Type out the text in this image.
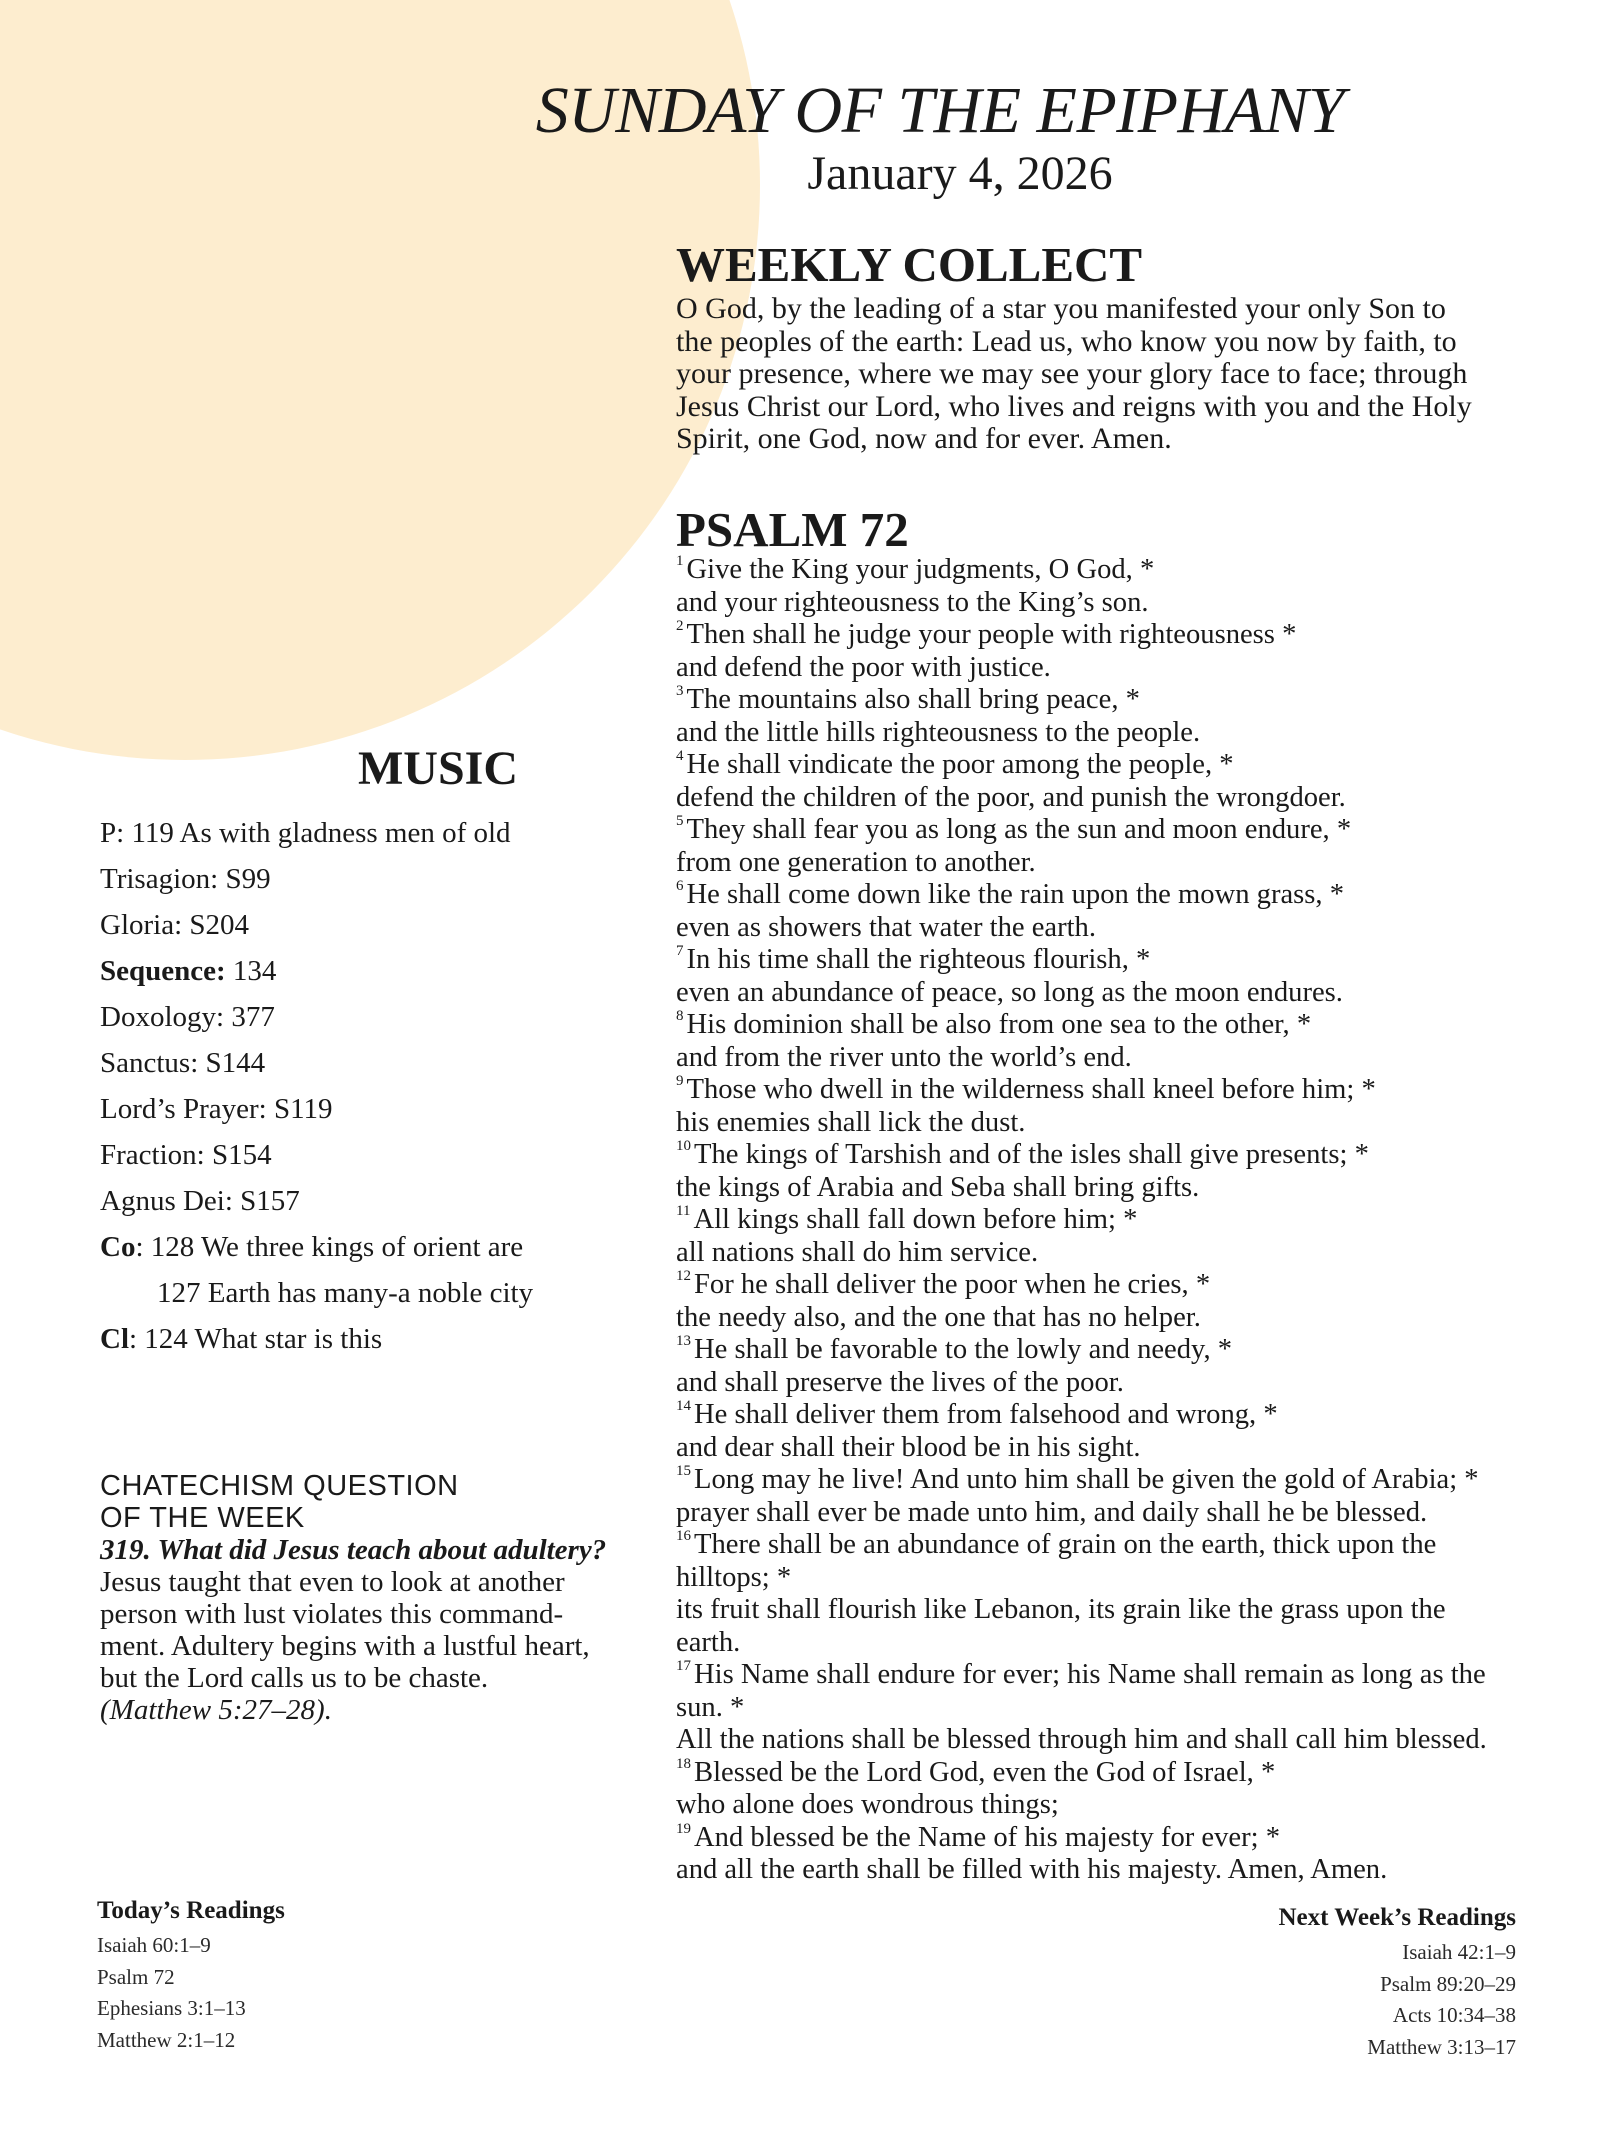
SUNDAY OF THE EPIPHANY
January 4, 2026
WEEKLY COLLECT
O God, by the leading of a star you manifested your only Son to
the peoples of the earth: Lead us, who know you now by faith, to
your presence, where we may see your glory face to face; through
Jesus Christ our Lord, who lives and reigns with you and the Holy
Spirit, one God, now and for ever. Amen.
PSALM 72
$^1$ Give the King your judgments, O God, *
and your righteousness to the King’s son.
$^2$ Then shall he judge your people with righteousness *
and defend the poor with justice.
$^3$ The mountains also shall bring peace, *
and the little hills righteousness to the people.
$^4$ He shall vindicate the poor among the people, *
defend the children of the poor, and punish the wrongdoer.
$^5$ They shall fear you as long as the sun and moon endure, *
from one generation to another.
$^6$ He shall come down like the rain upon the mown grass, *
even as showers that water the earth.
$^7$ In his time shall the righteous flourish, *
even an abundance of peace, so long as the moon endures.
$^8$ His dominion shall be also from one sea to the other, *
and from the river unto the world’s end.
$^9$ Those who dwell in the wilderness shall kneel before him; *
his enemies shall lick the dust.
$^{10}$ The kings of Tarshish and of the isles shall give presents; *
the kings of Arabia and Seba shall bring gifts.
$^{11}$ All kings shall fall down before him; *
all nations shall do him service.
$^{12}$ For he shall deliver the poor when he cries, *
the needy also, and the one that has no helper.
$^{13}$ He shall be favorable to the lowly and needy, *
and shall preserve the lives of the poor.
$^{14}$ He shall deliver them from falsehood and wrong, *
and dear shall their blood be in his sight.
$^{15}$ Long may he live! And unto him shall be given the gold of Arabia; *
prayer shall ever be made unto him, and daily shall he be blessed.
$^{16}$ There shall be an abundance of grain on the earth, thick upon the
hilltops; *
its fruit shall flourish like Lebanon, its grain like the grass upon the
earth.
$^{17}$ His Name shall endure for ever; his Name shall remain as long as the
sun. *
All the nations shall be blessed through him and shall call him blessed.
$^{18}$ Blessed be the Lord God, even the God of Israel, *
who alone does wondrous things;
$^{19}$ And blessed be the Name of his majesty for ever; *
and all the earth shall be filled with his majesty. Amen, Amen.
MUSIC
P: 119 As with gladness men of old
Trisagion: S99
Gloria: S204
Sequence: 134
Doxology: 377
Sanctus: S144
Lord’s Prayer: S119
Fraction: S154
Agnus Dei: S157
Co: 128 We three kings of orient are
127 Earth has many-a noble city
Cl: 124 What star is this
CHATECHISM QUESTION
OF THE WEEK
319. What did Jesus teach about adultery?
Jesus taught that even to look at another
person with lust violates this command-
ment. Adultery begins with a lustful heart,
but the Lord calls us to be chaste.
(Matthew 5:27–28).
Today’s Readings
Isaiah 60:1–9
Psalm 72
Ephesians 3:1–13
Matthew 2:1–12
Next Week’s Readings
Isaiah 42:1–9
Psalm 89:20–29
Acts 10:34–38
Matthew 3:13–17
